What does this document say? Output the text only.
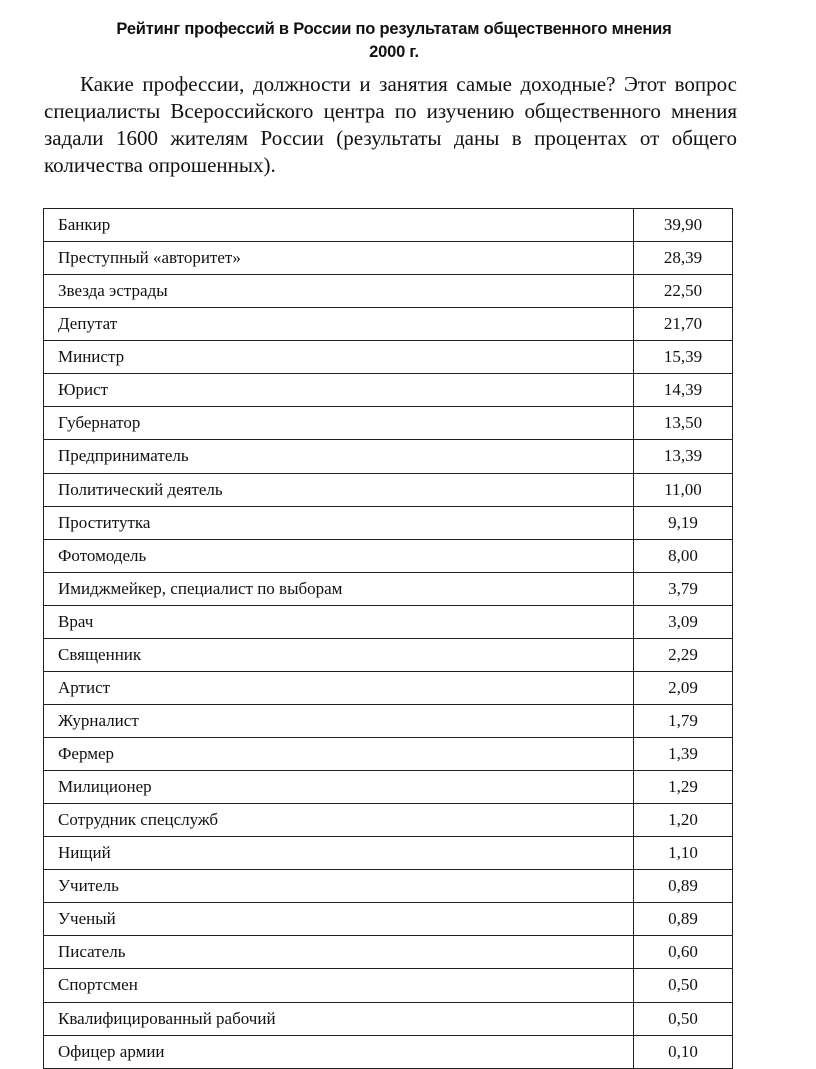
Рейтинг профессий в России по результатам общественного мнения
2000 г.

Какие профессии, должности и занятия самые доходные? Этот вопрос специалисты Всероссийского центра по изучению общественного мнения задали 1600 жителям России (результаты даны в процентах от общего количества опрошенных).

Банкир	39,90
Преступный «авторитет»	28,39
Звезда эстрады	22,50
Депутат	21,70
Министр	15,39
Юрист	14,39
Губернатор	13,50
Предприниматель	13,39
Политический деятель	11,00
Проститутка	9,19
Фотомодель	8,00
Имиджмейкер, специалист по выборам	3,79
Врач	3,09
Священник	2,29
Артист	2,09
Журналист	1,79
Фермер	1,39
Милиционер	1,29
Сотрудник спецслужб	1,20
Нищий	1,10
Учитель	0,89
Ученый	0,89
Писатель	0,60
Спортсмен	0,50
Квалифицированный рабочий	0,50
Офицер армии	0,10
